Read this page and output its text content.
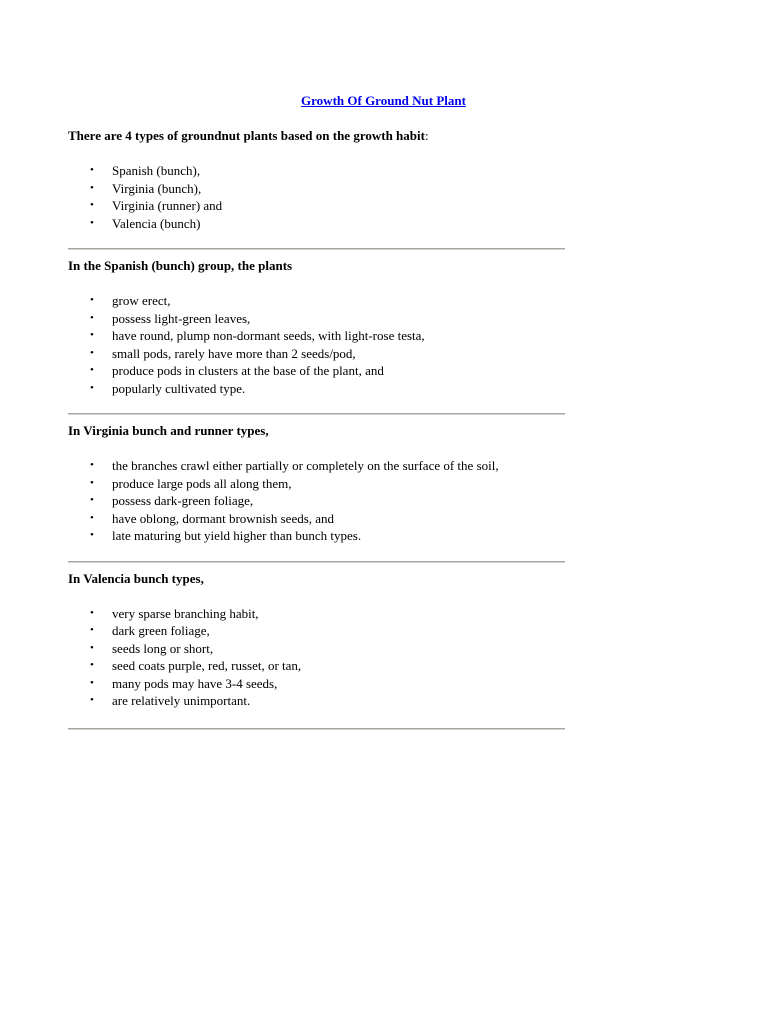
Growth Of Ground Nut Plant

There are 4 types of groundnut plants based on the growth habit:

• Spanish (bunch),
• Virginia (bunch),
• Virginia (runner) and
• Valencia (bunch)

In the Spanish (bunch) group, the plants

• grow erect,
• possess light-green leaves,
• have round, plump non-dormant seeds, with light-rose testa,
• small pods, rarely have more than 2 seeds/pod,
• produce pods in clusters at the base of the plant, and
• popularly cultivated type.

In Virginia bunch and runner types,

• the branches crawl either partially or completely on the surface of the soil,
• produce large pods all along them,
• possess dark-green foliage,
• have oblong, dormant brownish seeds, and
• late maturing but yield higher than bunch types.

In Valencia bunch types,

• very sparse branching habit,
• dark green foliage,
• seeds long or short,
• seed coats purple, red, russet, or tan,
• many pods may have 3-4 seeds,
• are relatively unimportant.
